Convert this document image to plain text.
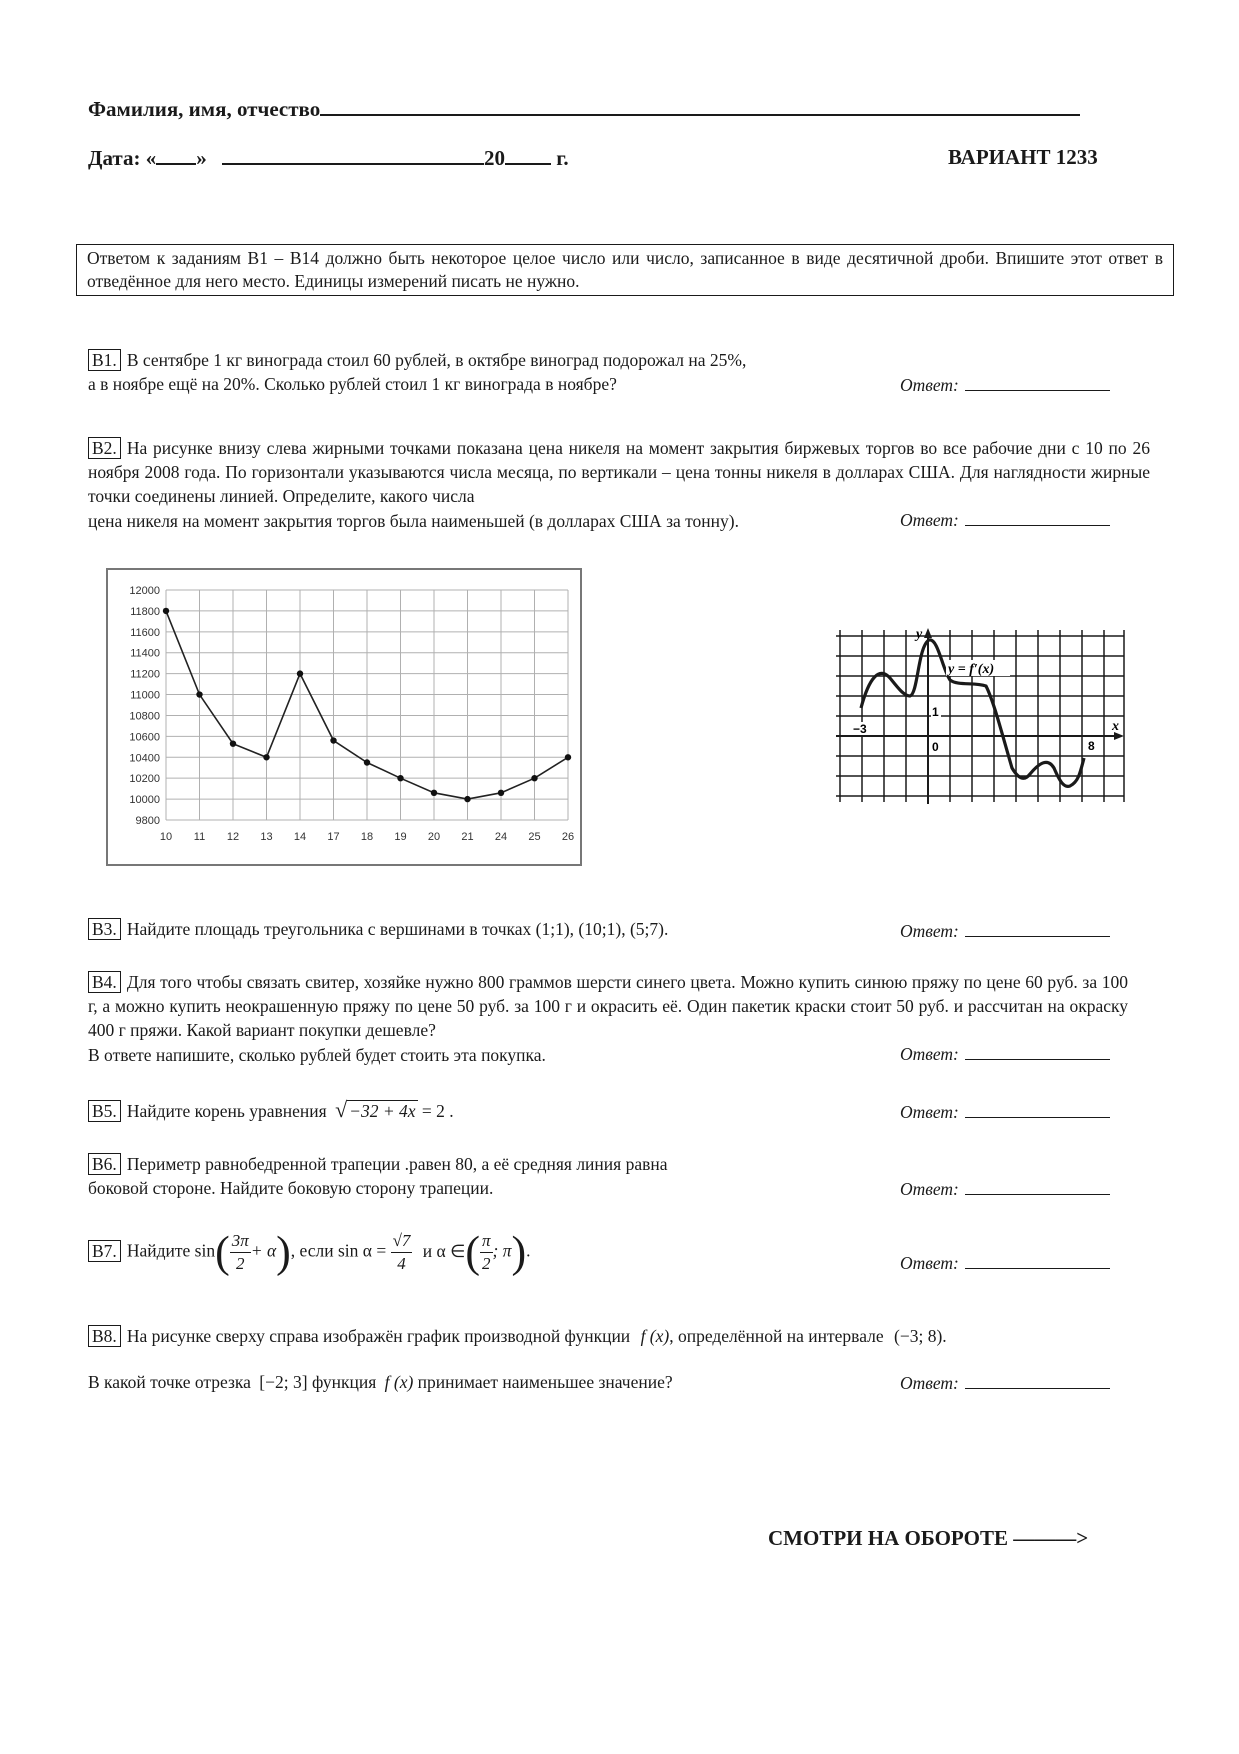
Фамилия, имя, отчество
Дата: « »	20 г.	ВАРИАНТ 1233
Ответом к заданиям B1 – B14 должно быть некоторое целое число или число, записанное в виде десятичной дроби. Впишите этот ответ в отведённое для него место. Единицы измерений писать не нужно.
B1. В сентябре 1 кг винограда стоил 60 рублей, в октябре виноград подорожал на 25%,
а в ноябре ещё на 20%. Сколько рублей стоил 1 кг винограда в ноябре?	Ответ:
B2. На рисунке внизу слева жирными точками показана цена никеля на момент закрытия биржевых торгов во все рабочие дни с 10 по 26 ноября 2008 года. По горизонтали указываются числа месяца, по вертикали – цена тонны никеля в долларах США. Для наглядности жирные точки соединены линией. Определите, какого числа
цена никеля на момент закрытия торгов была наименьшей (в долларах США за тонну).	Ответ:
9800
10000
10200
10400
10600
10800
11000
11200
11400
11600
11800
12000
10 11 12 13 14 17 18 19 20 21 24 25 26
y
x
y = f′(x)
−3
0	8
1
B3. Найдите площадь треугольника с вершинами в точках (1;1), (10;1), (5;7).	Ответ:
B4. Для того чтобы связать свитер, хозяйке нужно 800 граммов шерсти синего цвета. Можно купить синюю пряжу по цене 60 руб. за 100 г, а можно купить неокрашенную пряжу по цене 50 руб. за 100 г и окрасить её. Один пакетик краски стоит 50 руб. и рассчитан на окраску 400 г пряжи. Какой вариант покупки дешевле?
В ответе напишите, сколько рублей будет стоить эта покупка.	Ответ:
B5. Найдите корень уравнения √ −32 + 4x = 2 .	Ответ:
B6. Периметр равнобедренной трапеции .равен 80, а её средняя линия равна
боковой стороне. Найдите боковую сторону трапеции.	Ответ:
B7. Найдите $\sin( \frac{3\pi}{2} + \alpha)$, если $\sin \alpha = \frac{√7}{4}$ и α ∈( $\frac{\pi}{2}$ ; π).
Ответ:
B8. На рисунке сверху справа изображён график производной функции f (x), определённой на интервале (−3; 8).
В какой точке отрезка [−2; 3] функция f (x) принимает наименьшее значение?	Ответ:
СМОТРИ НА ОБОРОТЕ ———>
